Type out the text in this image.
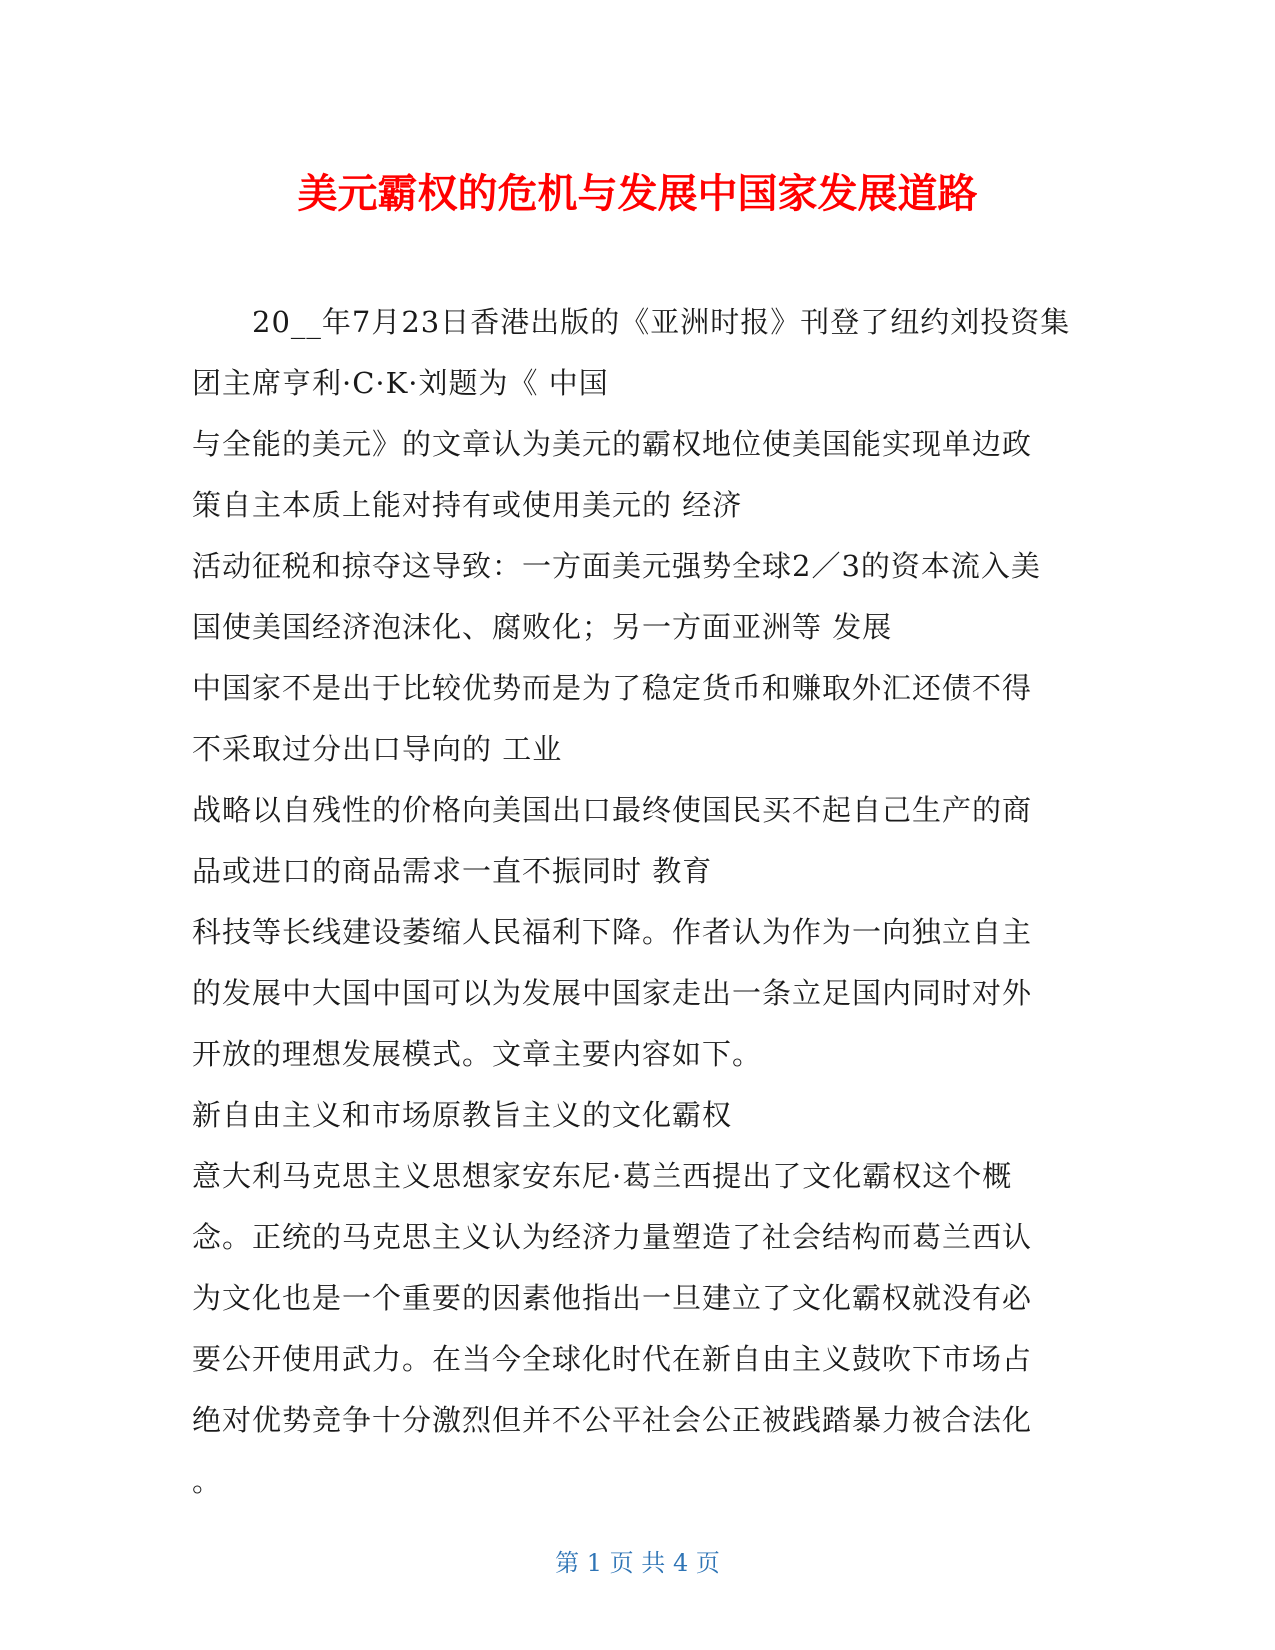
美元霸权的危机与发展中国家发展道路
20__年7月23日香港出版的《亚洲时报》刊登了纽约刘投资集
团主席亨利·C·K·刘题为《 中国
与全能的美元》的文章认为美元的霸权地位使美国能实现单边政
策自主本质上能对持有或使用美元的 经济
活动征税和掠夺这导致：一方面美元强势全球2／3的资本流入美
国使美国经济泡沫化、腐败化；另一方面亚洲等 发展
中国家不是出于比较优势而是为了稳定货币和赚取外汇还债不得
不采取过分出口导向的 工业
战略以自残性的价格向美国出口最终使国民买不起自己生产的商
品或进口的商品需求一直不振同时 教育
科技等长线建设萎缩人民福利下降。作者认为作为一向独立自主
的发展中大国中国可以为发展中国家走出一条立足国内同时对外
开放的理想发展模式。文章主要内容如下。
新自由主义和市场原教旨主义的文化霸权
意大利马克思主义思想家安东尼·葛兰西提出了文化霸权这个概
念。正统的马克思主义认为经济力量塑造了社会结构而葛兰西认
为文化也是一个重要的因素他指出一旦建立了文化霸权就没有必
要公开使用武力。在当今全球化时代在新自由主义鼓吹下市场占
绝对优势竞争十分激烈但并不公平社会公正被践踏暴力被合法化
。
第 1 页 共 4 页
